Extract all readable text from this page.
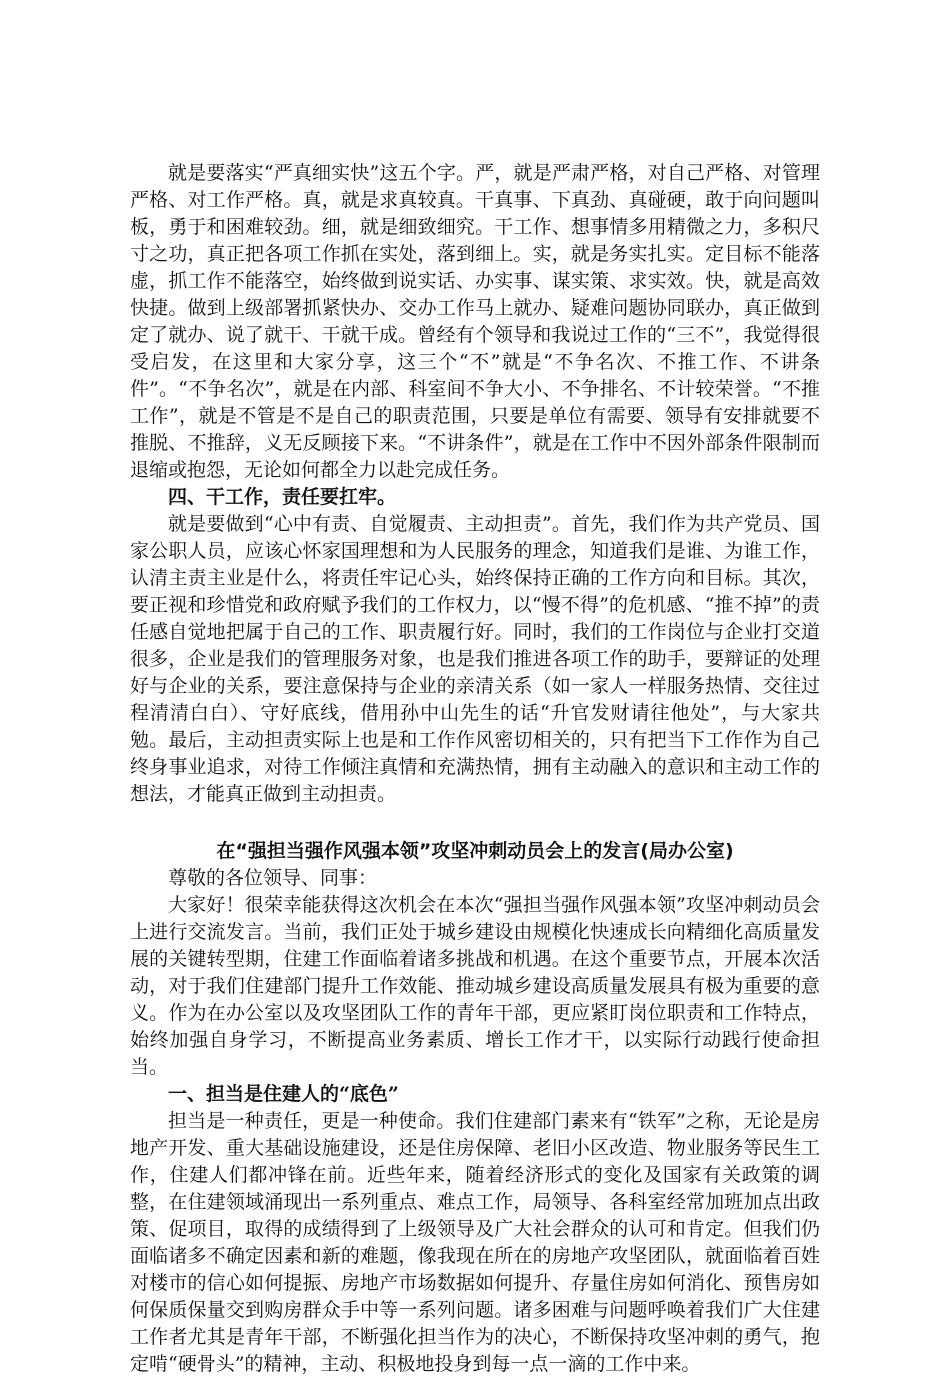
就是要落实“严真细实快”这五个字。严，就是严肃严格，对自己严格、对管理严格、对工作严格。真，就是求真较真。干真事、下真劲、真碰硬，敢于向问题叫板，勇于和困难较劲。细，就是细致细究。干工作、想事情多用精微之力，多积尺寸之功，真正把各项工作抓在实处，落到细上。实，就是务实扎实。定目标不能落虚，抓工作不能落空，始终做到说实话、办实事、谋实策、求实效。快，就是高效快捷。做到上级部署抓紧快办、交办工作马上就办、疑难问题协同联办，真正做到定了就办、说了就干、干就干成。曾经有个领导和我说过工作的“三不”，我觉得很受启发，在这里和大家分享，这三个“不”就是“不争名次、不推工作、不讲条件”。“不争名次”，就是在内部、科室间不争大小、不争排名、不计较荣誉。“不推工作”，就是不管是不是自己的职责范围，只要是单位有需要、领导有安排就要不推脱、不推辞，义无反顾接下来。“不讲条件”，就是在工作中不因外部条件限制而退缩或抱怨，无论如何都全力以赴完成任务。

四、干工作，责任要扛牢。

就是要做到“心中有责、自觉履责、主动担责”。首先，我们作为共产党员、国家公职人员，应该心怀家国理想和为人民服务的理念，知道我们是谁、为谁工作，认清主责主业是什么，将责任牢记心头，始终保持正确的工作方向和目标。其次，要正视和珍惜党和政府赋予我们的工作权力，以“慢不得”的危机感、“推不掉”的责任感自觉地把属于自己的工作、职责履行好。同时，我们的工作岗位与企业打交道很多，企业是我们的管理服务对象，也是我们推进各项工作的助手，要辩证的处理好与企业的关系，要注意保持与企业的亲清关系（如一家人一样服务热情、交往过程清清白白）、守好底线，借用孙中山先生的话“升官发财请往他处”，与大家共勉。最后，主动担责实际上也是和工作作风密切相关的，只有把当下工作作为自己终身事业追求，对待工作倾注真情和充满热情，拥有主动融入的意识和主动工作的想法，才能真正做到主动担责。

在“强担当强作风强本领”攻坚冲刺动员会上的发言(局办公室)

尊敬的各位领导、同事：

大家好！很荣幸能获得这次机会在本次“强担当强作风强本领”攻坚冲刺动员会上进行交流发言。当前，我们正处于城乡建设由规模化快速成长向精细化高质量发展的关键转型期，住建工作面临着诸多挑战和机遇。在这个重要节点，开展本次活动，对于我们住建部门提升工作效能、推动城乡建设高质量发展具有极为重要的意义。作为在办公室以及攻坚团队工作的青年干部，更应紧盯岗位职责和工作特点，始终加强自身学习，不断提高业务素质、增长工作才干，以实际行动践行使命担当。

一、担当是住建人的“底色”

担当是一种责任，更是一种使命。我们住建部门素来有“铁军”之称，无论是房地产开发、重大基础设施建设，还是住房保障、老旧小区改造、物业服务等民生工作，住建人们都冲锋在前。近些年来，随着经济形式的变化及国家有关政策的调整，在住建领域涌现出一系列重点、难点工作，局领导、各科室经常加班加点出政策、促项目，取得的成绩得到了上级领导及广大社会群众的认可和肯定。但我们仍面临诸多不确定因素和新的难题，像我现在所在的房地产攻坚团队，就面临着百姓对楼市的信心如何提振、房地产市场数据如何提升、存量住房如何消化、预售房如何保质保量交到购房群众手中等一系列问题。诸多困难与问题呼唤着我们广大住建工作者尤其是青年干部，不断强化担当作为的决心，不断保持攻坚冲刺的勇气，抱定啃“硬骨头”的精神，主动、积极地投身到每一点一滴的工作中来。
